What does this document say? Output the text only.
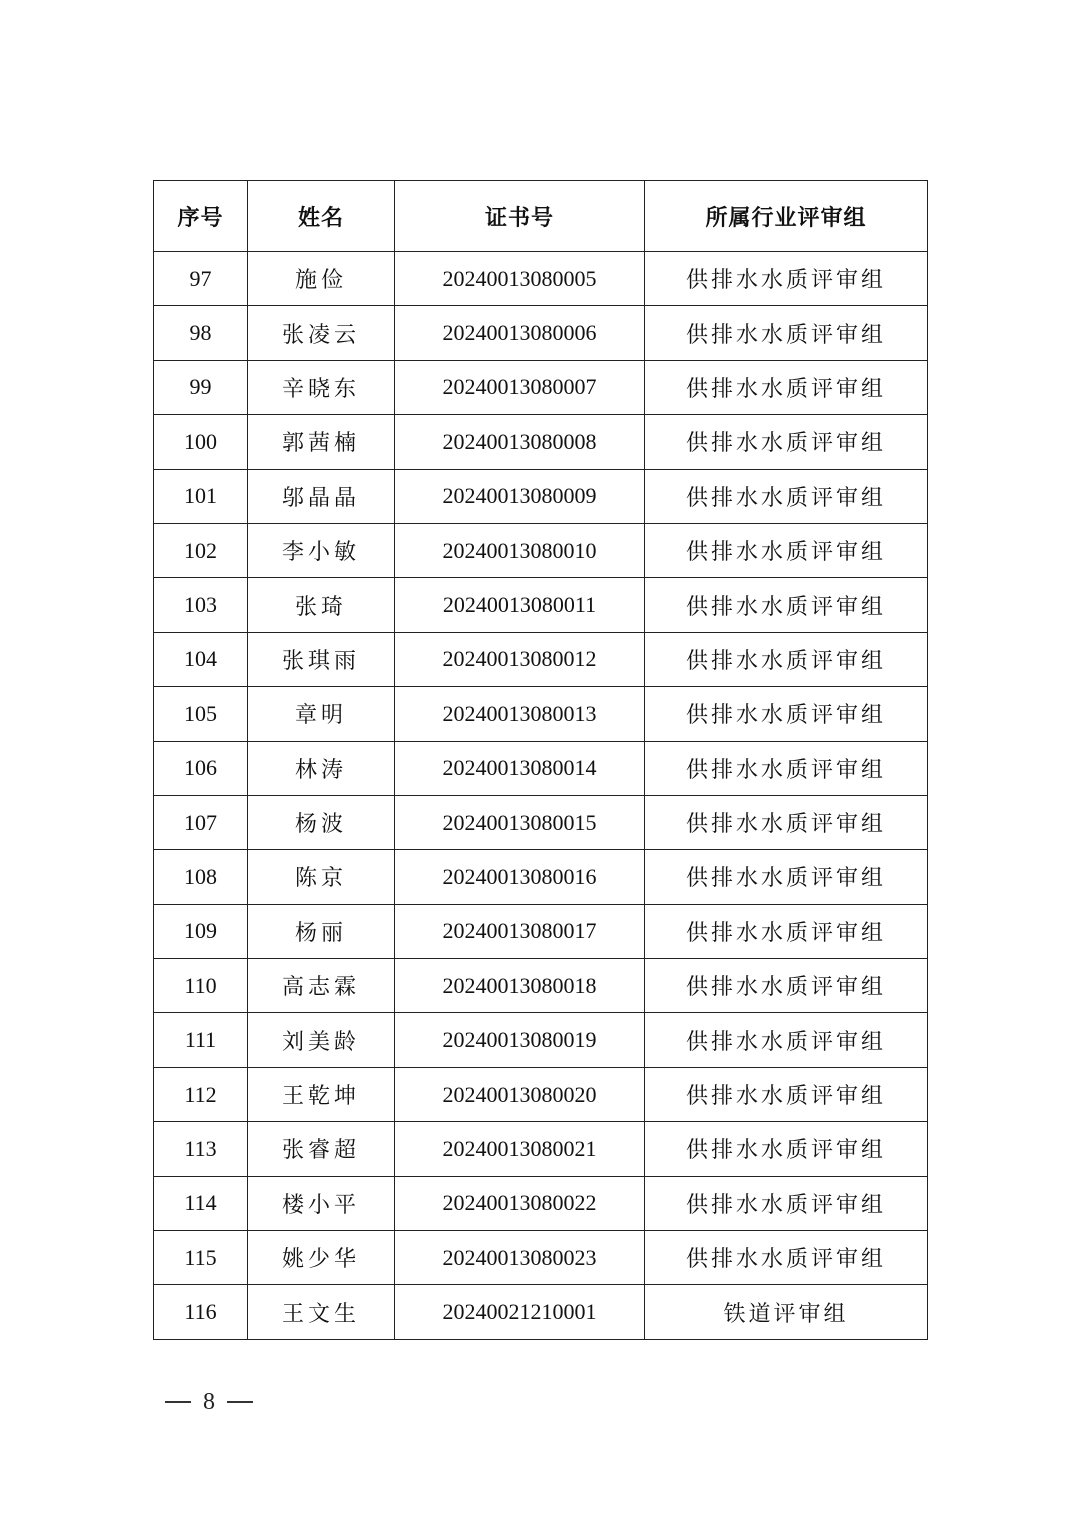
序号	姓名	证书号	所属行业评审组
97	施俭	20240013080005	供排水水质评审组
98	张凌云	20240013080006	供排水水质评审组
99	辛晓东	20240013080007	供排水水质评审组
100	郭茜楠	20240013080008	供排水水质评审组
101	邬晶晶	20240013080009	供排水水质评审组
102	李小敏	20240013080010	供排水水质评审组
103	张琦	20240013080011	供排水水质评审组
104	张琪雨	20240013080012	供排水水质评审组
105	章明	20240013080013	供排水水质评审组
106	林涛	20240013080014	供排水水质评审组
107	杨波	20240013080015	供排水水质评审组
108	陈京	20240013080016	供排水水质评审组
109	杨丽	20240013080017	供排水水质评审组
110	高志霖	20240013080018	供排水水质评审组
111	刘美龄	20240013080019	供排水水质评审组
112	王乾坤	20240013080020	供排水水质评审组
113	张睿超	20240013080021	供排水水质评审组
114	楼小平	20240013080022	供排水水质评审组
115	姚少华	20240013080023	供排水水质评审组
116	王文生	20240021210001	铁道评审组
8
